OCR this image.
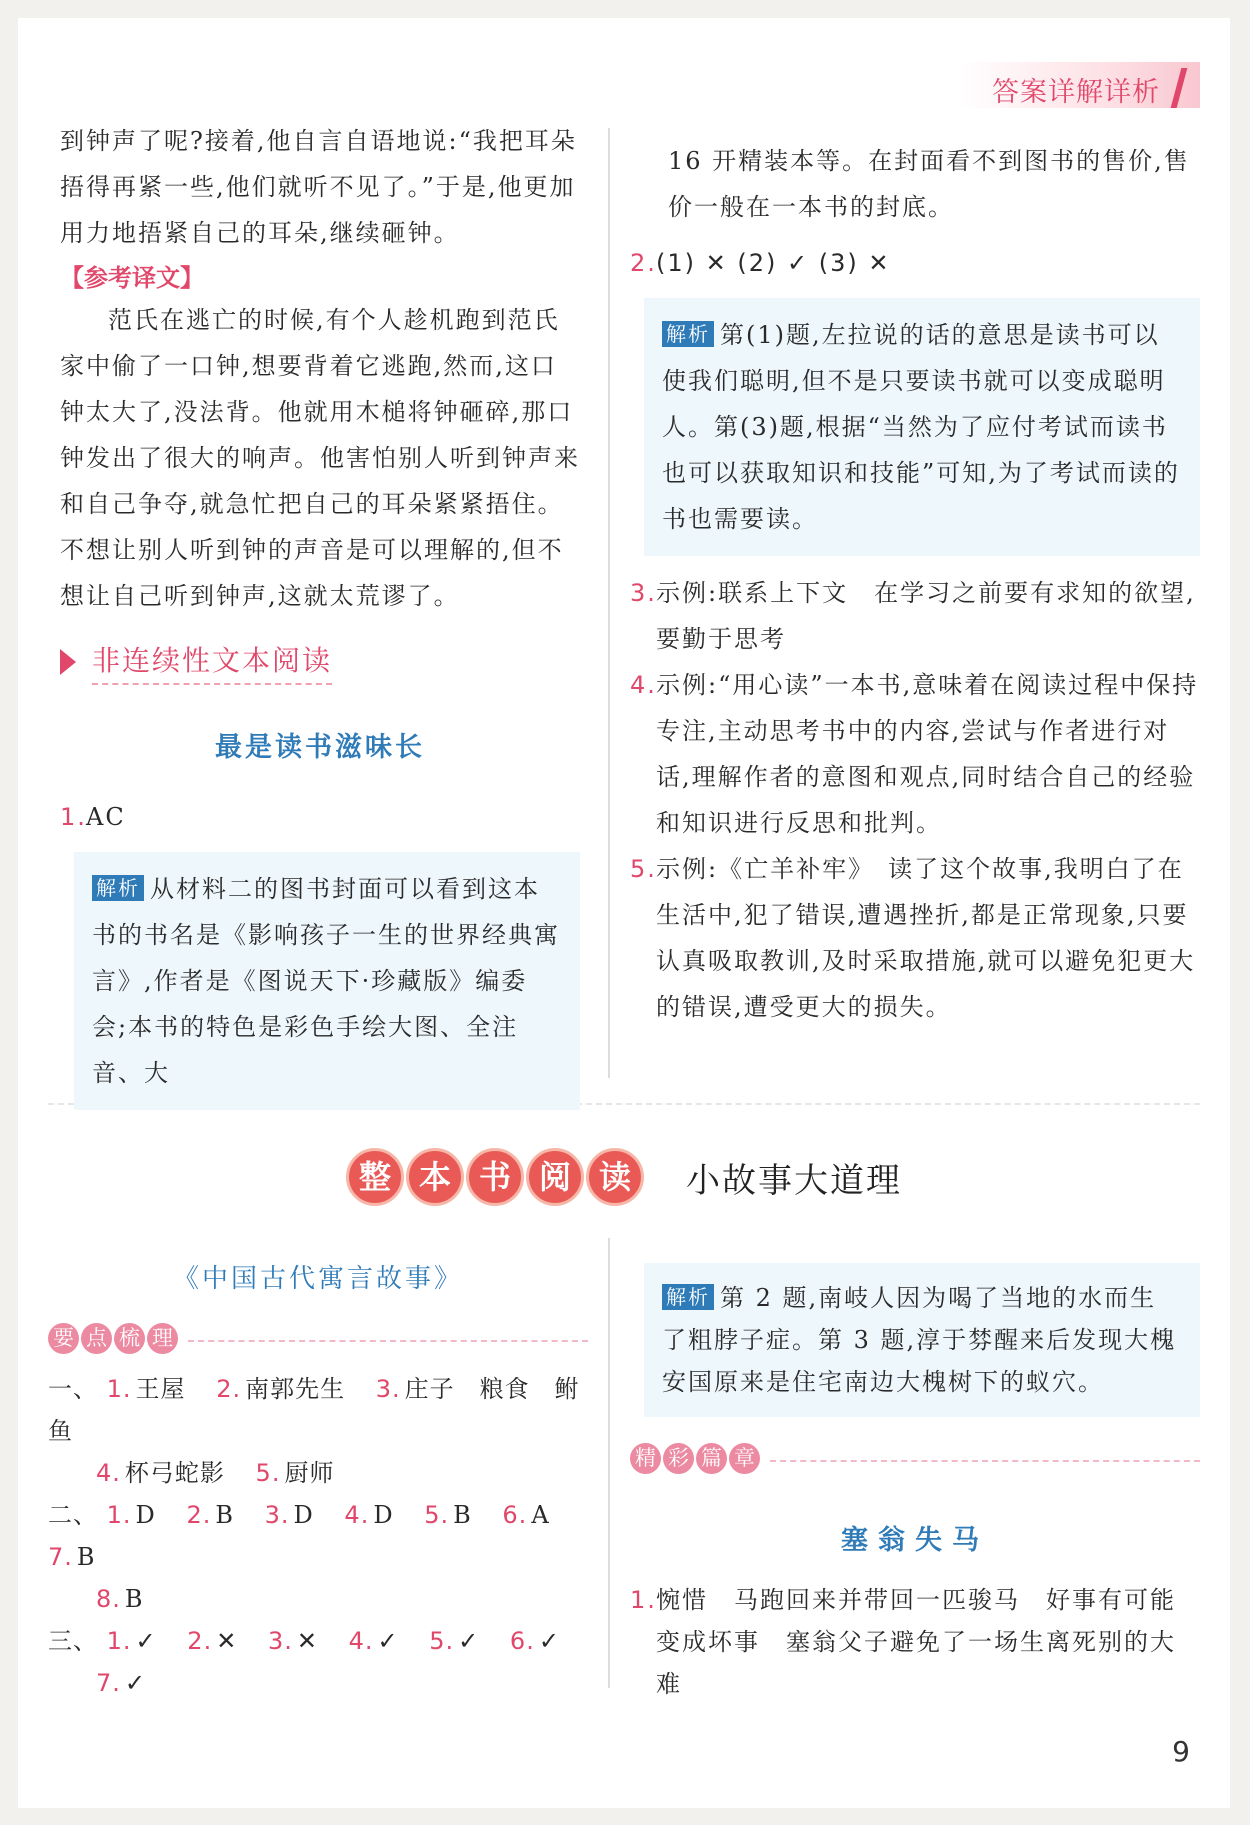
答案详解详析

到钟声了呢?接着,他自言自语地说:“我把耳朵捂得再紧一些,他们就听不见了。”于是,他更加用力地捂紧自己的耳朵,继续砸钟。

【参考译文】

范氏在逃亡的时候,有个人趁机跑到范氏家中偷了一口钟,想要背着它逃跑,然而,这口钟太大了,没法背。他就用木槌将钟砸碎,那口钟发出了很大的响声。他害怕别人听到钟声来和自己争夺,就急忙把自己的耳朵紧紧捂住。不想让别人听到钟的声音是可以理解的,但不想让自己听到钟声,这就太荒谬了。

非连续性文本阅读
最是读书滋味长
1. AC
解析 从材料二的图书封面可以看到这本书的书名是《影响孩子一生的世界经典寓言》,作者是《图说天下·珍藏版》编委会;本书的特色是彩色手绘大图、全注音、大
16 开精装本等。在封面看不到图书的售价,售价一般在一本书的封底。
2. (1) ✕ (2) ✓ (3) ✕
解析 第(1)题,左拉说的话的意思是读书可以使我们聪明,但不是只要读书就可以变成聪明人。第(3)题,根据“当然为了应付考试而读书也可以获取知识和技能”可知,为了考试而读的书也需要读。
3. 示例:联系上下文　在学习之前要有求知的欲望,要勤于思考
4. 示例:“用心读”一本书,意味着在阅读过程中保持专注,主动思考书中的内容,尝试与作者进行对话,理解作者的意图和观点,同时结合自己的经验和知识进行反思和批判。
5. 示例:《亡羊补牢》　读了这个故事,我明白了在生活中,犯了错误,遭遇挫折,都是正常现象,只要认真吸取教训,及时采取措施,就可以避免犯更大的错误,遭受更大的损失。
整 本 书 阅 读	小故事大道理
《中国古代寓言故事》
要 点 梳 理
一、 1. 王屋 2. 南郭先生 3. 庄子　粮食　鲋鱼
4. 杯弓蛇影 5. 厨师
二、 1. D 2. B 3. D 4. D 5. B 6. A 7. B
8. B
三、 1. ✓ 2. ✕ 3. ✕ 4. ✓ 5. ✓ 6. ✓
7. ✓
解析 第 2 题,南岐人因为喝了当地的水而生了粗脖子症。第 3 题,淳于棼醒来后发现大槐安国原来是住宅南边大槐树下的蚁穴。
精 彩 篇 章
塞翁失马
1. 惋惜　马跑回来并带回一匹骏马　好事有可能变成坏事　塞翁父子避免了一场生离死别的大难
9
